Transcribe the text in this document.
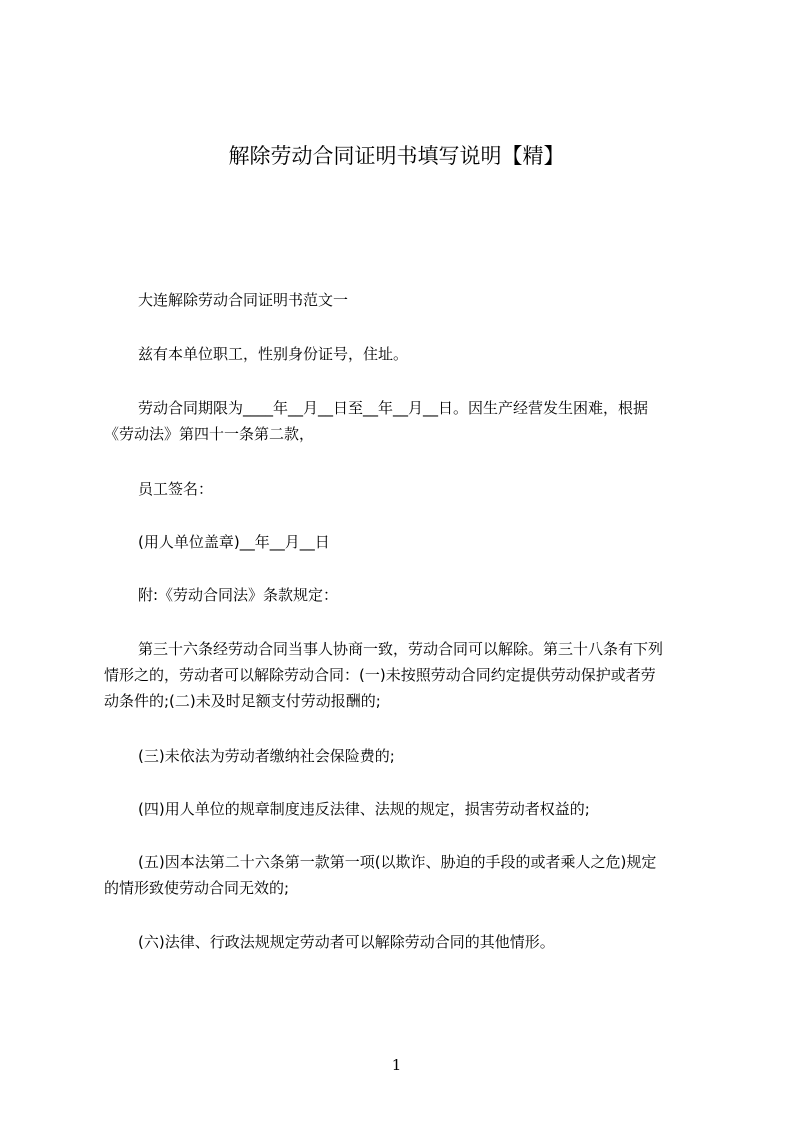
解除劳动合同证明书填写说明【精】

大连解除劳动合同证明书范文一

兹有本单位职工，性别身份证号，住址。

劳动合同期限为____年__月__日至__年__月__日。因生产经营发生困难，根据
《劳动法》第四十一条第二款，

员工签名：

(用人单位盖章)__年__月__日

附:《劳动合同法》条款规定：

第三十六条经劳动合同当事人协商一致，劳动合同可以解除。第三十八条有下列
情形之的，劳动者可以解除劳动合同：(一)未按照劳动合同约定提供劳动保护或者劳
动条件的;(二)未及时足额支付劳动报酬的;

(三)未依法为劳动者缴纳社会保险费的;

(四)用人单位的规章制度违反法律、法规的规定，损害劳动者权益的;

(五)因本法第二十六条第一款第一项(以欺诈、胁迫的手段的或者乘人之危)规定
的情形致使劳动合同无效的;

(六)法律、行政法规规定劳动者可以解除劳动合同的其他情形。

1
